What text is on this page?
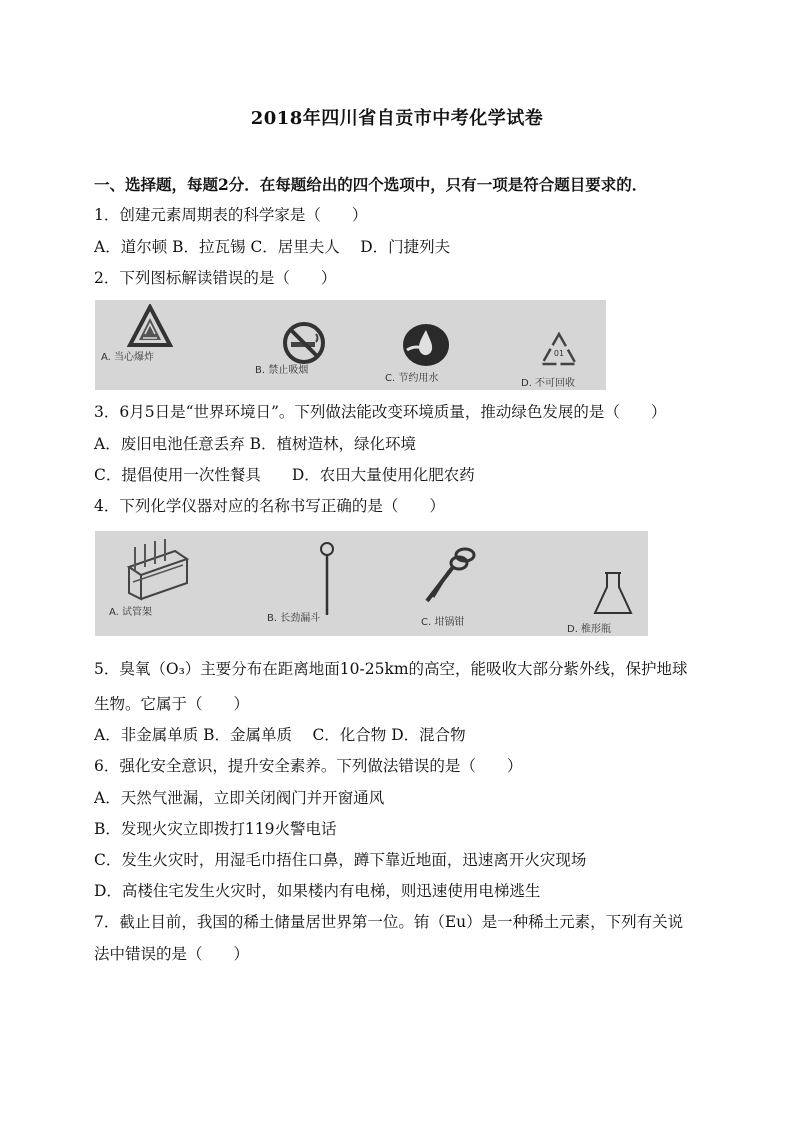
2018年四川省自贡市中考化学试卷
一、选择题，每题2分．在每题给出的四个选项中，只有一项是符合题目要求的．
1．创建元素周期表的科学家是（　　）
A．道尔顿 B．拉瓦锡 C．居里夫人　 D．门捷列夫
2．下列图标解读错误的是（　　）
A. 当心爆炸
B. 禁止吸烟
C. 节约用水
01
D. 不可回收
3．6月5日是“世界环境日”。下列做法能改变环境质量，推动绿色发展的是（　　）
A．废旧电池任意丢弃 B．植树造林，绿化环境
C．提倡使用一次性餐具　　D．农田大量使用化肥农药
4．下列化学仪器对应的名称书写正确的是（　　）
A. 试管架
B. 长劲漏斗	C. 坩锅钳
D. 椎形瓶
5．臭氧（O₃）主要分布在距离地面10-25km的高空，能吸收大部分紫外线，保护地球
生物。它属于（　　）
A．非金属单质 B．金属单质　 C．化合物 D．混合物
6．强化安全意识，提升安全素养。下列做法错误的是（　　）
A．天然气泄漏，立即关闭阀门并开窗通风
B．发现火灾立即拨打119火警电话
C．发生火灾时，用湿毛巾捂住口鼻，蹲下靠近地面，迅速离开火灾现场
D．高楼住宅发生火灾时，如果楼内有电梯，则迅速使用电梯逃生
7．截止目前，我国的稀土储量居世界第一位。铕（Eu）是一种稀土元素，下列有关说
法中错误的是（　　）
